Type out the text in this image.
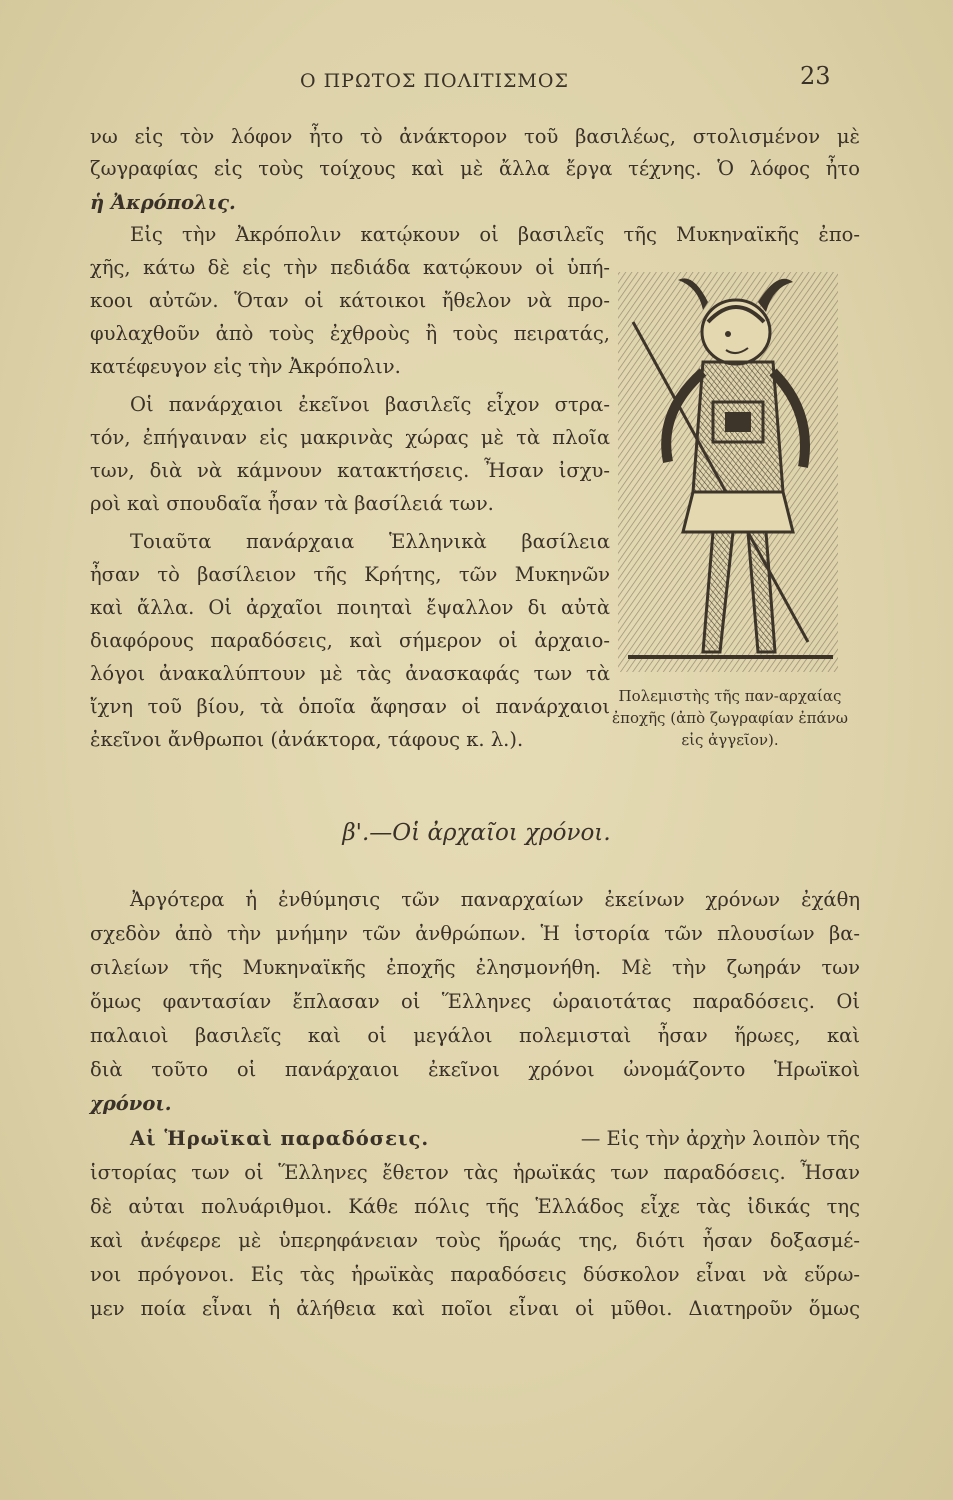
Ο ΠΡΩΤΟΣ ΠΟΛΙΤΙΣΜΟΣ	23
νω εἰς τὸν λόφον ἦτο τὸ ἀνάκτορον τοῦ βασιλέως, στολισμένον μὲ
ζωγραφίας εἰς τοὺς τοίχους καὶ μὲ ἄλλα ἔργα τέχνης. Ὁ λόφος ἦτο
ἡ Ἀκρόπολις.
Εἰς τὴν Ἀκρόπολιν κατῴκουν οἱ βασιλεῖς τῆς Μυκηναϊκῆς ἐπο-
χῆς, κάτω δὲ εἰς τὴν πεδιάδα κατῴκουν οἱ ὑπή-
κοοι αὐτῶν. Ὅταν οἱ κάτοικοι ἤθελον νὰ προ-
φυλαχθοῦν ἀπὸ τοὺς ἐχθροὺς ἢ τοὺς πειρατάς,
κατέφευγον εἰς τὴν Ἀκρόπολιν.
Οἱ πανάρχαιοι ἐκεῖνοι βασιλεῖς εἶχον στρα-
τόν, ἐπήγαιναν εἰς μακρινὰς χώρας μὲ τὰ πλοῖα
των, διὰ νὰ κάμνουν κατακτήσεις. Ἦσαν ἰσχυ-
ροὶ καὶ σπουδαῖα ἦσαν τὰ βασίλειά των.
Τοιαῦτα πανάρχαια Ἑλληνικὰ βασίλεια
ἦσαν τὸ βασίλειον τῆς Κρήτης, τῶν Μυκηνῶν
καὶ ἄλλα. Οἱ ἀρχαῖοι ποιηταὶ ἔψαλλον δι αὐτὰ
διαφόρους παραδόσεις, καὶ σήμερον οἱ ἀρχαιο-
λόγοι ἀνακαλύπτουν μὲ τὰς ἀνασκαφάς των τὰ
ἴχνη τοῦ βίου, τὰ ὁποῖα ἄφησαν οἱ πανάρχαιοι
ἐκεῖνοι ἄνθρωποι (ἀνάκτορα, τάφους κ. λ.).
Πολεμιστὴς τῆς παν-αρχαίας ἐποχῆς (ἀπὸ ζωγραφίαν ἐπάνω εἰς ἀγγεῖον).
β'.—Οἱ ἀρχαῖοι χρόνοι.
Ἀργότερα ἡ ἐνθύμησις τῶν παναρχαίων ἐκείνων χρόνων ἐχάθη
σχεδὸν ἀπὸ τὴν μνήμην τῶν ἀνθρώπων. Ἡ ἱστορία τῶν πλουσίων βα-
σιλείων τῆς Μυκηναϊκῆς ἐποχῆς ἐλησμονήθη. Μὲ τὴν ζωηράν των
ὅμως φαντασίαν ἔπλασαν οἱ Ἕλληνες ὡραιοτάτας παραδόσεις. Οἱ
παλαιοὶ βασιλεῖς καὶ οἱ μεγάλοι πολεμισταὶ ἦσαν ἥρωες, καὶ
διὰ τοῦτο οἱ πανάρχαιοι ἐκεῖνοι χρόνοι ὠνομάζοντο Ἡρωϊκοὶ
χρόνοι.
Αἱ Ἡρωϊκαὶ παραδόσεις.	— Εἰς τὴν ἀρχὴν λοιπὸν τῆς
ἱστορίας των οἱ Ἕλληνες ἔθετον τὰς ἡρωϊκάς των παραδόσεις. Ἦσαν
δὲ αὐται πολυάριθμοι. Κάθε πόλις τῆς Ἑλλάδος εἶχε τὰς ἰδικάς της
καὶ ἀνέφερε μὲ ὑπερηφάνειαν τοὺς ἥρωάς της, διότι ἦσαν δοξασμέ-
νοι πρόγονοι. Εἰς τὰς ἡρωϊκὰς παραδόσεις δύσκολον εἶναι νὰ εὕρω-
μεν ποία εἶναι ἡ ἀλήθεια καὶ ποῖοι εἶναι οἱ μῦθοι. Διατηροῦν ὅμως
